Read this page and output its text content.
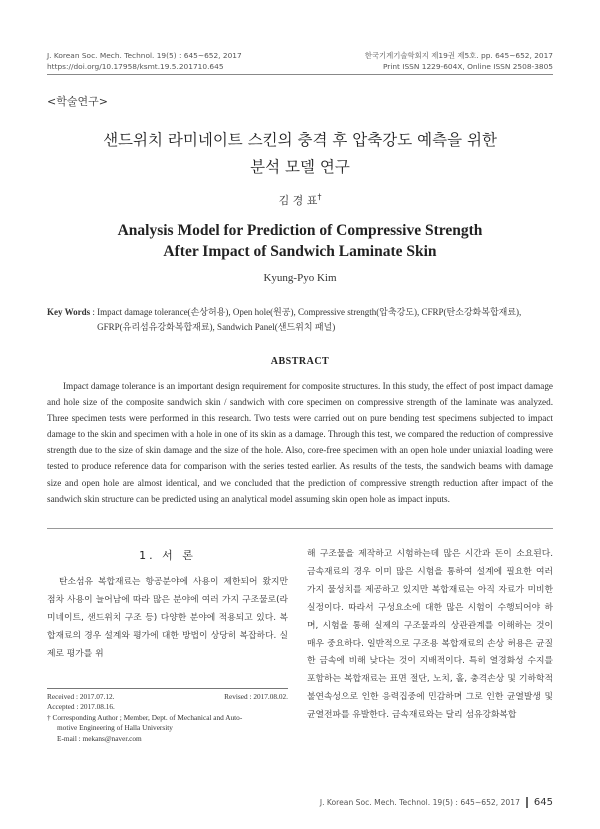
J. Korean Soc. Mech. Technol. 19(5) : 645~652, 2017
https://doi.org/10.17958/ksmt.19.5.201710.645
한국기계기술학회지 제19권 제5호. pp. 645~652, 2017
Print ISSN 1229-604X, Online ISSN 2508-3805
<학술연구>
샌드위치 라미네이트 스킨의 충격 후 압축강도 예측을 위한
분석 모델 연구
김 경 표†
Analysis Model for Prediction of Compressive Strength
After Impact of Sandwich Laminate Skin
Kyung-Pyo Kim
Key Words : Impact damage tolerance(손상허용), Open hole(원공), Compressive strength(압축강도), CFRP(탄소강화복합재료), GFRP(유리섬유강화복합재료), Sandwich Panel(샌드위치 패널)
ABSTRACT
Impact damage tolerance is an important design requirement for composite structures. In this study, the effect of post impact damage and hole size of the composite sandwich skin / sandwich with core specimen on compressive strength of the laminate was analyzed. Three specimen tests were performed in this research. Two tests were carried out on pure bending test specimens subjected to impact damage to the skin and specimen with a hole in one of its skin as a damage. Through this test, we compared the reduction of compressive strength due to the size of skin damage and the size of the hole. Also, core-free specimen with an open hole under uniaxial loading were tested to produce reference data for comparison with the series tested earlier. As results of the tests, the sandwich beams with damage size and open hole are almost identical, and we concluded that the prediction of compressive strength reduction after impact of the sandwich skin structure can be predicted using an analytical model assuming skin open hole as impact inputs.
1. 서 론
탄소섬유 복합재료는 항공분야에 사용이 제한되어 왔지만 점차 사용이 늘어남에 따라 많은 분야에 여러 가지 구조물로(라미네이트, 샌드위치 구조 등) 다양한 분야에 적용되고 있다. 복합재료의 경우 설계와 평가에 대한 방법이 상당히 복잡하다. 실제로 평가를 위
해 구조물을 제작하고 시험하는데 많은 시간과 돈이 소요된다. 금속재료의 경우 이미 많은 시험을 통하여 설계에 필요한 여러 가지 물성치를 제공하고 있지만 복합재료는 아직 자료가 미비한 실정이다. 따라서 구성요소에 대한 많은 시험이 수행되어야 하며, 시험을 통해 실제의 구조물과의 상관관계를 이해하는 것이 매우 중요하다. 일반적으로 구조용 복합재료의 손상 허용은 균질 한 금속에 비해 낮다는 것이 지배적이다. 특히 열경화성 수지를 포함하는 복합재료는 표면 절단, 노치, 홀, 충격손상 및 기하학적 불연속성으로 인한 응력집중에 민감하며 그로 인한 균열발생 및 균열전파를 유발한다. 금속재료와는 달리 섬유강화복합
Received : 2017.07.12.	Revised : 2017.08.02.
Accepted : 2017.08.16.
† Corresponding Author ; Member, Dept. of Mechanical and Auto-
motive Engineering of Halla University
E-mail : mekans@naver.com
J. Korean Soc. Mech. Technol. 19(5) : 645~652, 2017 645
